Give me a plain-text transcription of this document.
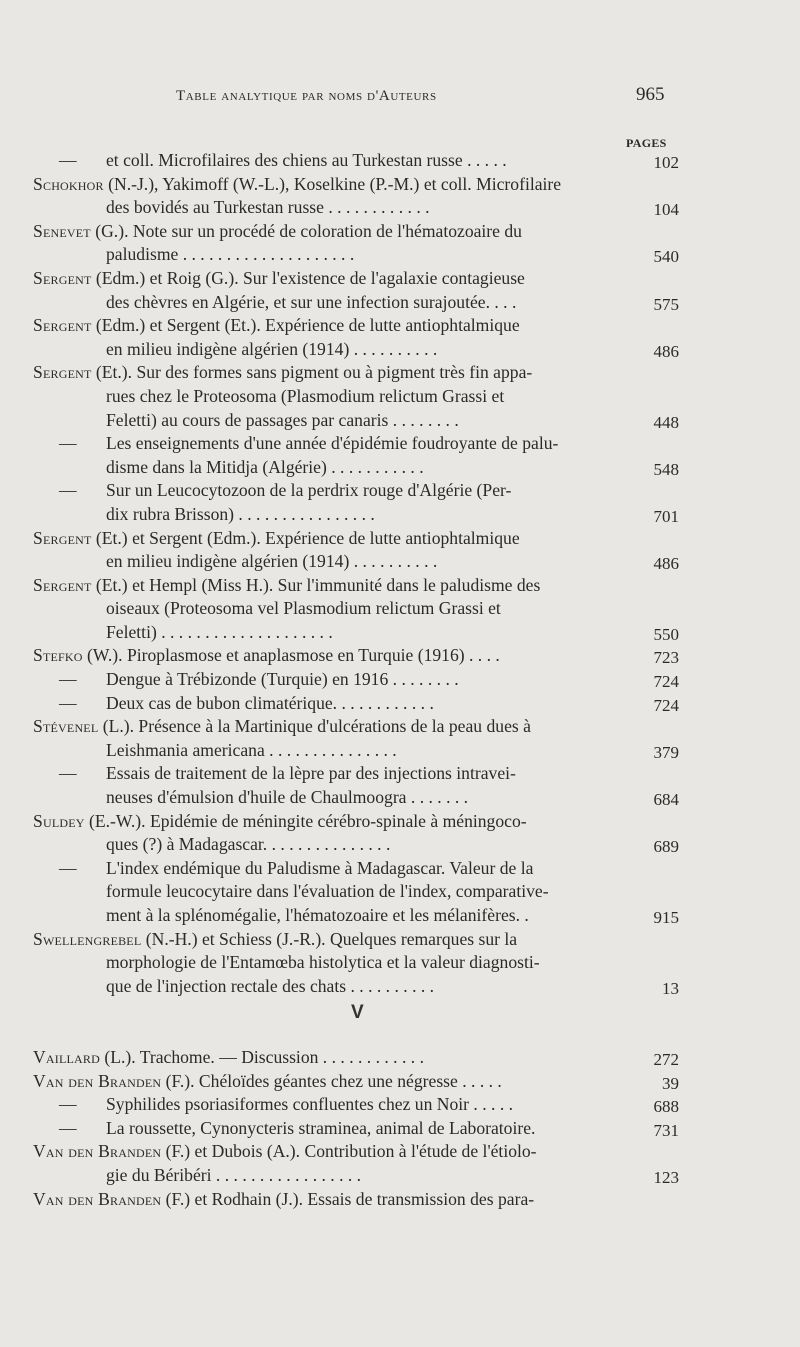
Table analytique par noms d'Auteurs	965
PAGES
— et coll. Microfilaires des chiens au Turkestan russe . . . . .	102
Schokhor (N.-J.), Yakimoff (W.-L.), Koselkine (P.-M.) et coll. Microfilaire
des bovidés au Turkestan russe . . . . . . . . . . . .	104
Senevet (G.). Note sur un procédé de coloration de l'hématozoaire du
paludisme . . . . . . . . . . . . . . . . . . . .	540
Sergent (Edm.) et Roig (G.). Sur l'existence de l'agalaxie contagieuse
des chèvres en Algérie, et sur une infection surajoutée. . . .	575
Sergent (Edm.) et Sergent (Et.). Expérience de lutte antiophtalmique
en milieu indigène algérien (1914) . . . . . . . . . .	486
Sergent (Et.). Sur des formes sans pigment ou à pigment très fin appa-
rues chez le Proteosoma (Plasmodium relictum Grassi et
Feletti) au cours de passages par canaris . . . . . . . .	448
— Les enseignements d'une année d'épidémie foudroyante de palu-
disme dans la Mitidja (Algérie) . . . . . . . . . . .	548
— Sur un Leucocytozoon de la perdrix rouge d'Algérie (Per-
dix rubra Brisson) . . . . . . . . . . . . . . . .	701
Sergent (Et.) et Sergent (Edm.). Expérience de lutte antiophtalmique
en milieu indigène algérien (1914) . . . . . . . . . .	486
Sergent (Et.) et Hempl (Miss H.). Sur l'immunité dans le paludisme des
oiseaux (Proteosoma vel Plasmodium relictum Grassi et
Feletti) . . . . . . . . . . . . . . . . . . . .	550
Stefko (W.). Piroplasmose et anaplasmose en Turquie (1916) . . . .	723
— Dengue à Trébizonde (Turquie) en 1916 . . . . . . . .	724
— Deux cas de bubon climatérique. . . . . . . . . . . .	724
Stévenel (L.). Présence à la Martinique d'ulcérations de la peau dues à
Leishmania americana . . . . . . . . . . . . . . .	379
— Essais de traitement de la lèpre par des injections intravei-
neuses d'émulsion d'huile de Chaulmoogra . . . . . . .	684
Suldey (E.-W.). Epidémie de méningite cérébro-spinale à méningoco-
ques (?) à Madagascar. . . . . . . . . . . . . . .	689
— L'index endémique du Paludisme à Madagascar. Valeur de la
formule leucocytaire dans l'évaluation de l'index, comparative-
ment à la splénomégalie, l'hématozoaire et les mélanifères. .	915
Swellengrebel (N.-H.) et Schiess (J.-R.). Quelques remarques sur la
morphologie de l'Entamœba histolytica et la valeur diagnosti-
que de l'injection rectale des chats . . . . . . . . . .	13
V
Vaillard (L.). Trachome. — Discussion . . . . . . . . . . . .	272
Van den Branden (F.). Chéloïdes géantes chez une négresse . . . . .	39
— Syphilides psoriasiformes confluentes chez un Noir . . . . .	688
— La roussette, Cynonycteris straminea, animal de Laboratoire.	731
Van den Branden (F.) et Dubois (A.). Contribution à l'étude de l'étiolo-
gie du Béribéri . . . . . . . . . . . . . . . . .	123
Van den Branden (F.) et Rodhain (J.). Essais de transmission des para-
